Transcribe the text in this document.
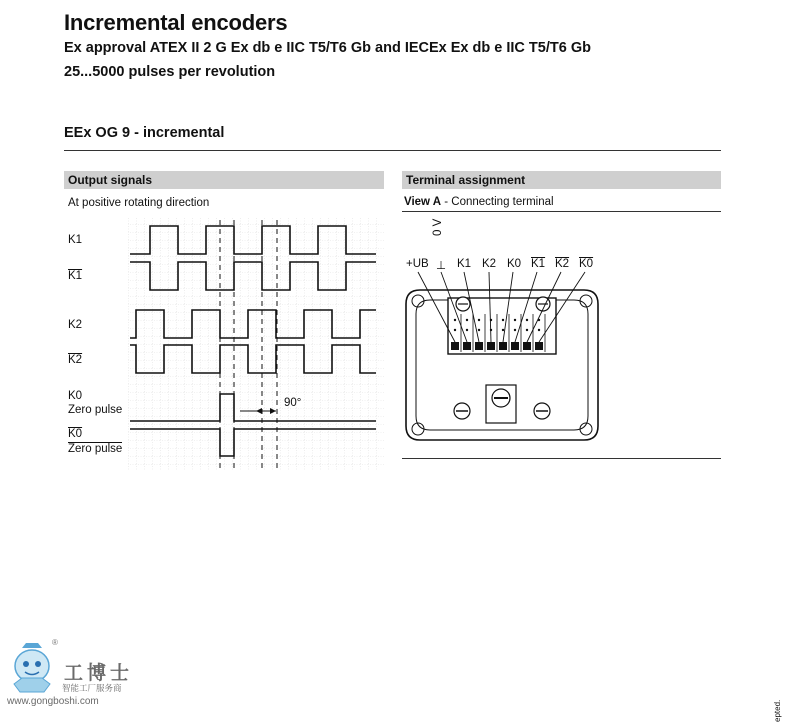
Incremental encoders
Ex approval ATEX II 2 G Ex db e IIC T5/T6 Gb and IECEx Ex db e IIC T5/T6 Gb
25...5000 pulses per revolution
EEx OG 9 - incremental
Output signals
At positive rotating direction
K1
K1
K2
K2
K0
Zero pulse
K0
Zero pulse
90°
Terminal assignment
View A - Connecting terminal
0 V
+UB ⊥ K1 K2 K0 K1 K2 K0
®
工博士
智能工厂服务商
www.gongboshi.com	epted.
